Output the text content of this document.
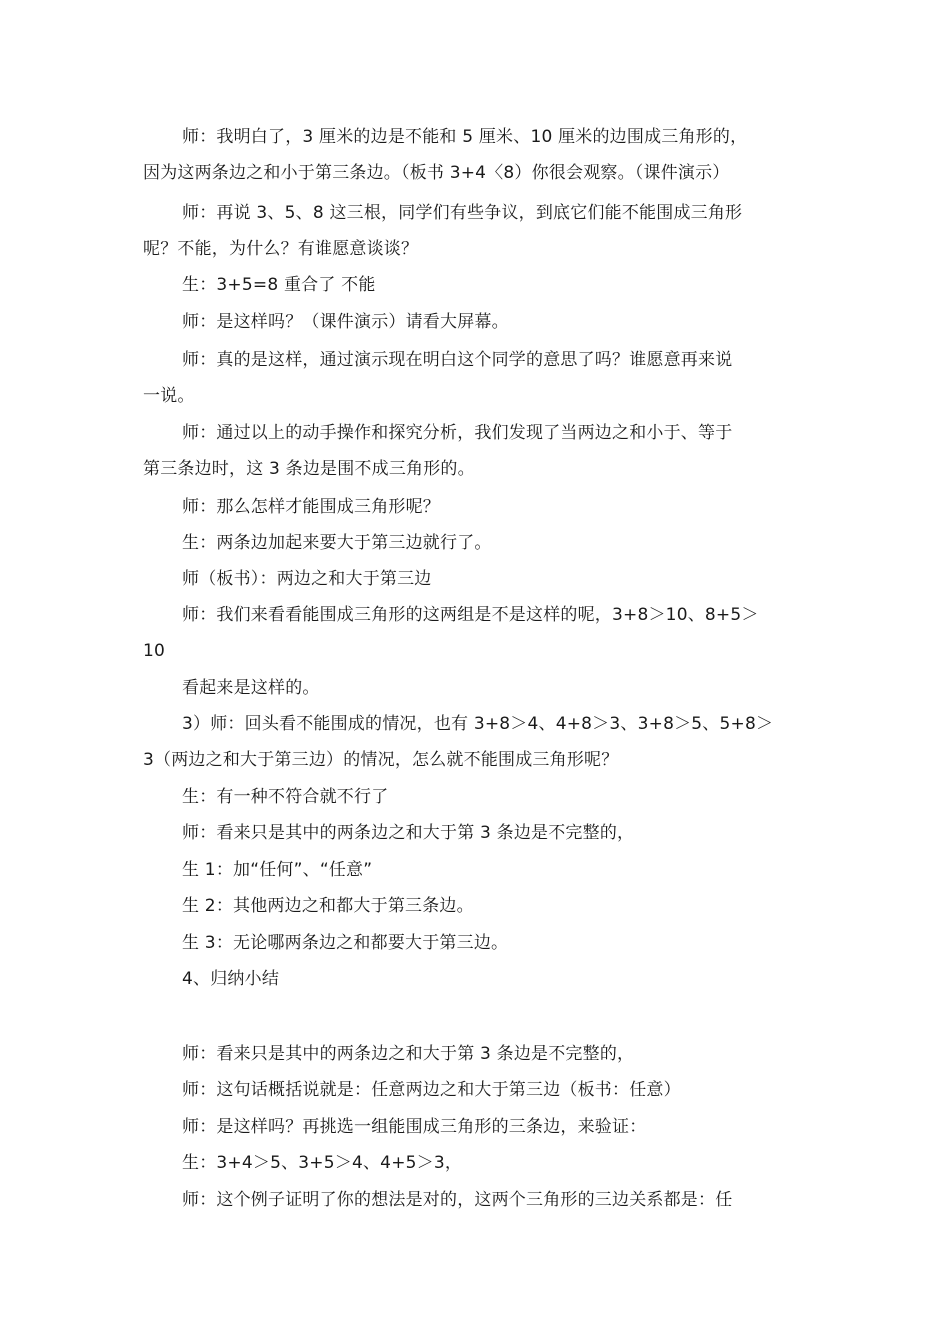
师：我明白了，3 厘米的边是不能和 5 厘米、10 厘米的边围成三角形的，
因为这两条边之和小于第三条边。（板书 3+4〈8）你很会观察。（课件演示）
师：再说 3、5、8 这三根，同学们有些争议，到底它们能不能围成三角形
呢？不能，为什么？有谁愿意谈谈？
生：3+5=8 重合了 不能
师：是这样吗？（课件演示）请看大屏幕。
师：真的是这样，通过演示现在明白这个同学的意思了吗？谁愿意再来说
一说。
师：通过以上的动手操作和探究分析，我们发现了当两边之和小于、等于
第三条边时，这 3 条边是围不成三角形的。
师：那么怎样才能围成三角形呢？
生：两条边加起来要大于第三边就行了。
师（板书）：两边之和大于第三边
师：我们来看看能围成三角形的这两组是不是这样的呢，3+8＞10、8+5＞
10
看起来是这样的。
3）师：回头看不能围成的情况，也有 3+8＞4、4+8＞3、3+8＞5、5+8＞
3（两边之和大于第三边）的情况，怎么就不能围成三角形呢？
生：有一种不符合就不行了
师：看来只是其中的两条边之和大于第 3 条边是不完整的，
生 1：加“任何”、“任意”
生 2：其他两边之和都大于第三条边。
生 3：无论哪两条边之和都要大于第三边。
4、归纳小结
师：看来只是其中的两条边之和大于第 3 条边是不完整的，
师：这句话概括说就是：任意两边之和大于第三边（板书：任意）
师：是这样吗？再挑选一组能围成三角形的三条边，来验证：
生：3+4＞5、3+5＞4、4+5＞3，
师：这个例子证明了你的想法是对的，这两个三角形的三边关系都是：任
